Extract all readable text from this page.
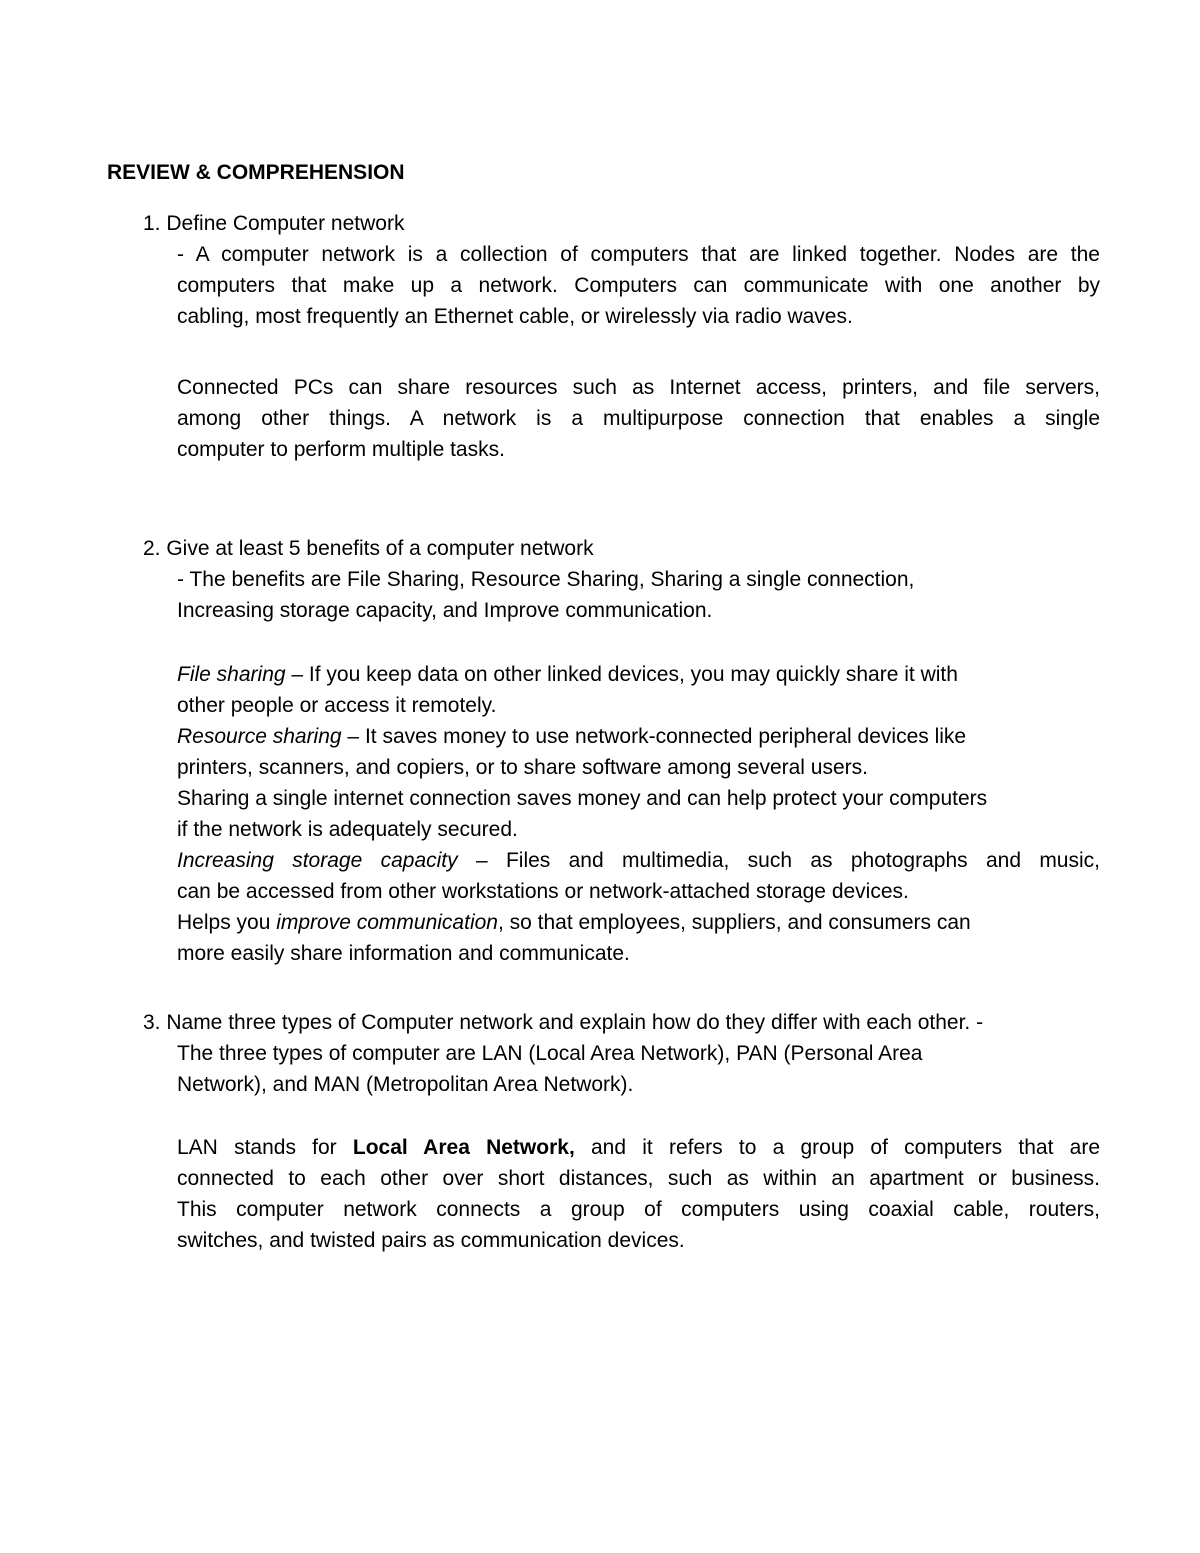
REVIEW & COMPREHENSION
1. Define Computer network
- A computer network is a collection of computers that are linked together. Nodes are the
computers that make up a network. Computers can communicate with one another by
cabling, most frequently an Ethernet cable, or wirelessly via radio waves.
Connected PCs can share resources such as Internet access, printers, and file servers,
among other things. A network is a multipurpose connection that enables a single
computer to perform multiple tasks.
2. Give at least 5 benefits of a computer network
- The benefits are File Sharing, Resource Sharing, Sharing a single connection,
Increasing storage capacity, and Improve communication.
File sharing – If you keep data on other linked devices, you may quickly share it with
other people or access it remotely.
Resource sharing – It saves money to use network-connected peripheral devices like
printers, scanners, and copiers, or to share software among several users.
Sharing a single internet connection saves money and can help protect your computers
if the network is adequately secured.
Increasing storage capacity – Files and multimedia, such as photographs and music,
can be accessed from other workstations or network-attached storage devices.
Helps you improve communication, so that employees, suppliers, and consumers can
more easily share information and communicate.
3. Name three types of Computer network and explain how do they differ with each other. -
The three types of computer are LAN (Local Area Network), PAN (Personal Area
Network), and MAN (Metropolitan Area Network).
LAN stands for Local Area Network, and it refers to a group of computers that are
connected to each other over short distances, such as within an apartment or business.
This computer network connects a group of computers using coaxial cable, routers,
switches, and twisted pairs as communication devices.
